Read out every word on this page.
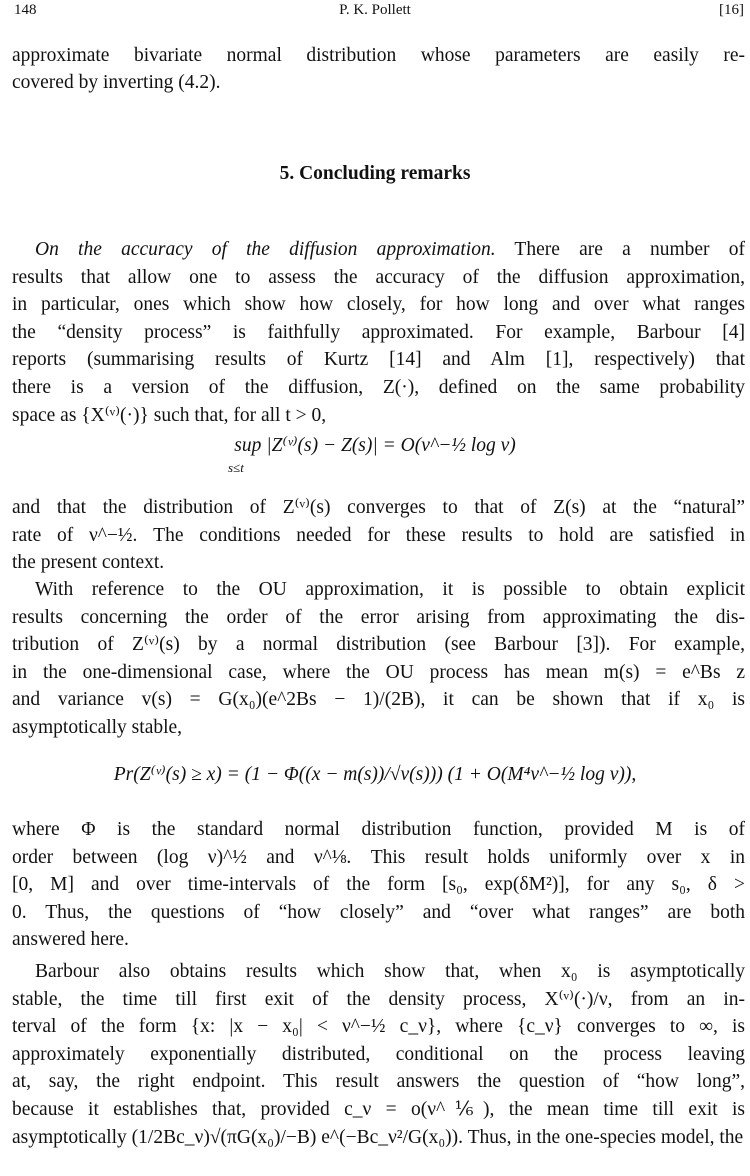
148	P. K. Pollett	[16]
approximate bivariate normal distribution whose parameters are easily re-
covered by inverting (4.2).
5. Concluding remarks
On the accuracy of the diffusion approximation. There are a number of
results that allow one to assess the accuracy of the diffusion approximation,
in particular, ones which show how closely, for how long and over what ranges
the “density process” is faithfully approximated. For example, Barbour [4]
reports (summarising results of Kurtz [14] and Alm [1], respectively) that
there is a version of the diffusion, Z(·), defined on the same probability
space as {X⁽ᵛ⁾(·)} such that, for all t > 0,
and that the distribution of Z⁽ᵛ⁾(s) converges to that of Z(s) at the “natural”
rate of ν^−½. The conditions needed for these results to hold are satisfied in
the present context.
With reference to the OU approximation, it is possible to obtain explicit
results concerning the order of the error arising from approximating the dis-
tribution of Z⁽ᵛ⁾(s) by a normal distribution (see Barbour [3]). For example,
in the one-dimensional case, where the OU process has mean m(s) = e^Bs z
and variance v(s) = G(x₀)(e^2Bs − 1)/(2B), it can be shown that if x₀ is
asymptotically stable,
where Φ is the standard normal distribution function, provided M is of
order between (log ν)^½ and ν^⅛. This result holds uniformly over x in
[0, M] and over time-intervals of the form [s₀, exp(δM²)], for any s₀, δ >
0. Thus, the questions of “how closely” and “over what ranges” are both
answered here.
Barbour also obtains results which show that, when x₀ is asymptotically
stable, the time till first exit of the density process, X⁽ᵛ⁾(·)/ν, from an in-
terval of the form {x: |x − x₀| < ν^−½ c_ν}, where {c_ν} converges to ∞, is
approximately exponentially distributed, conditional on the process leaving
at, say, the right endpoint. This result answers the question of “how long”,
because it establishes that, provided c_ν = o(ν^⅙), the mean time till exit is
asymptotically (1/2Bc_ν)√(πG(x₀)/−B) e^(−Bc_ν²/G(x₀)). Thus, in the one-species model, the
sup |Z⁽ᵛ⁾(s) − Z(s)| = O(ν^−½ log ν)
s≤t
Pr(Z⁽ᵛ⁾(s) ≥ x) = (1 − Φ((x − m(s))/√v(s))) (1 + O(M⁴ν^−½ log ν)),
